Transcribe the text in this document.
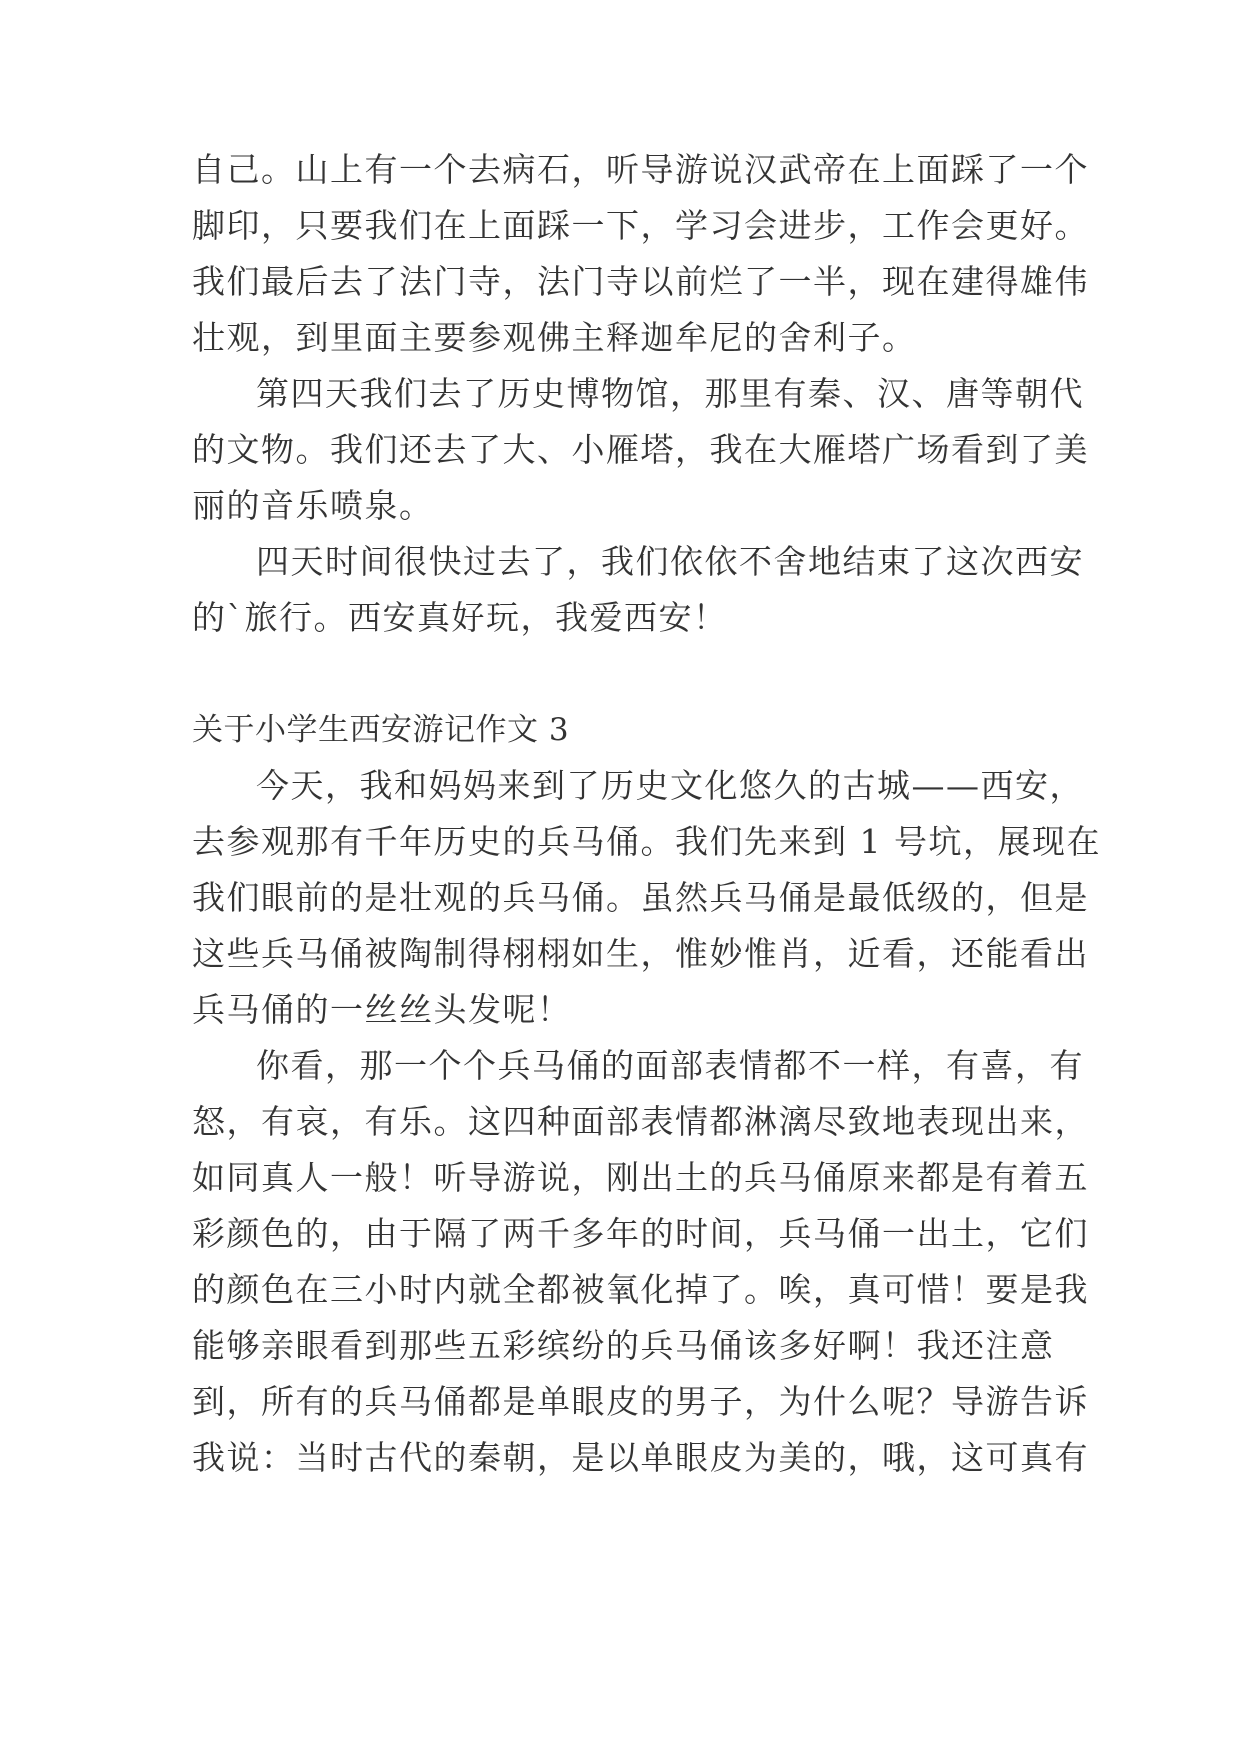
自己。山上有一个去病石，听导游说汉武帝在上面踩了一个
脚印，只要我们在上面踩一下，学习会进步，工作会更好。
我们最后去了法门寺，法门寺以前烂了一半，现在建得雄伟
壮观，到里面主要参观佛主释迦牟尼的舍利子。
第四天我们去了历史博物馆，那里有秦、汉、唐等朝代
的文物。我们还去了大、小雁塔，我在大雁塔广场看到了美
丽的音乐喷泉。
四天时间很快过去了，我们依依不舍地结束了这次西安
的`旅行。西安真好玩，我爱西安！
关于小学生西安游记作文 3
今天，我和妈妈来到了历史文化悠久的古城——西安，
去参观那有千年历史的兵马俑。我们先来到 1 号坑，展现在
我们眼前的是壮观的兵马俑。虽然兵马俑是最低级的，但是
这些兵马俑被陶制得栩栩如生，惟妙惟肖，近看，还能看出
兵马俑的一丝丝头发呢！
你看，那一个个兵马俑的面部表情都不一样，有喜，有
怒，有哀，有乐。这四种面部表情都淋漓尽致地表现出来，
如同真人一般！听导游说，刚出土的兵马俑原来都是有着五
彩颜色的，由于隔了两千多年的时间，兵马俑一出土，它们
的颜色在三小时内就全都被氧化掉了。唉，真可惜！要是我
能够亲眼看到那些五彩缤纷的兵马俑该多好啊！我还注意
到，所有的兵马俑都是单眼皮的男子，为什么呢？导游告诉
我说：当时古代的秦朝，是以单眼皮为美的，哦，这可真有
